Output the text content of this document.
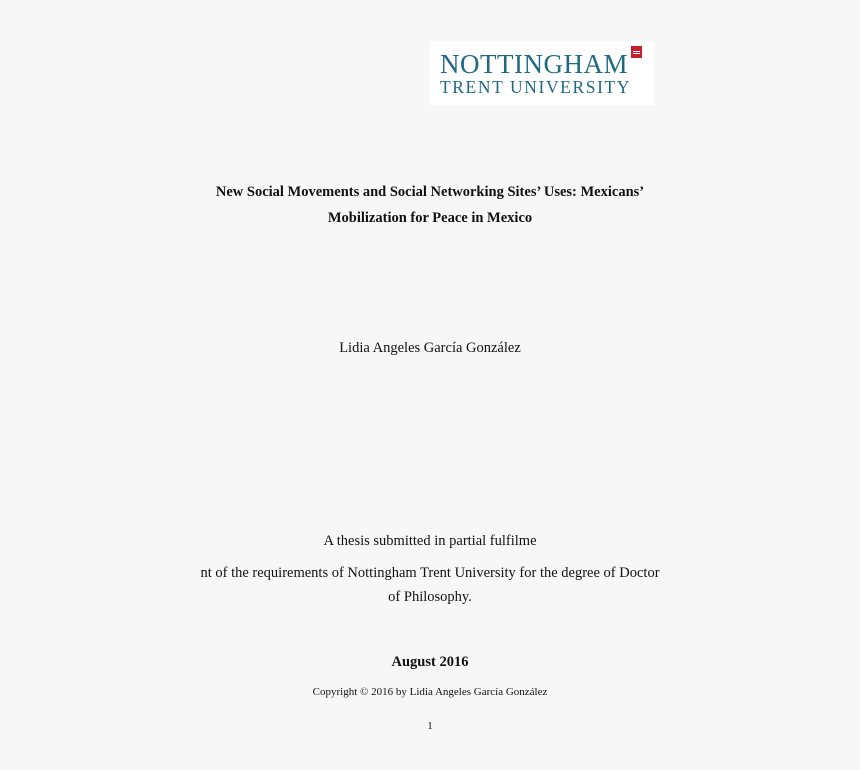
NOTTINGHAM
TRENT UNIVERSITY
New Social Movements and Social Networking Sites’ Uses: Mexicans’
Mobilization for Peace in Mexico
Lidia Angeles García González
A thesis submitted in partial fulfilme
nt of the requirements of Nottingham Trent University for the degree of Doctor
of Philosophy.
August 2016
Copyright © 2016 by Lidia Angeles García González
1
